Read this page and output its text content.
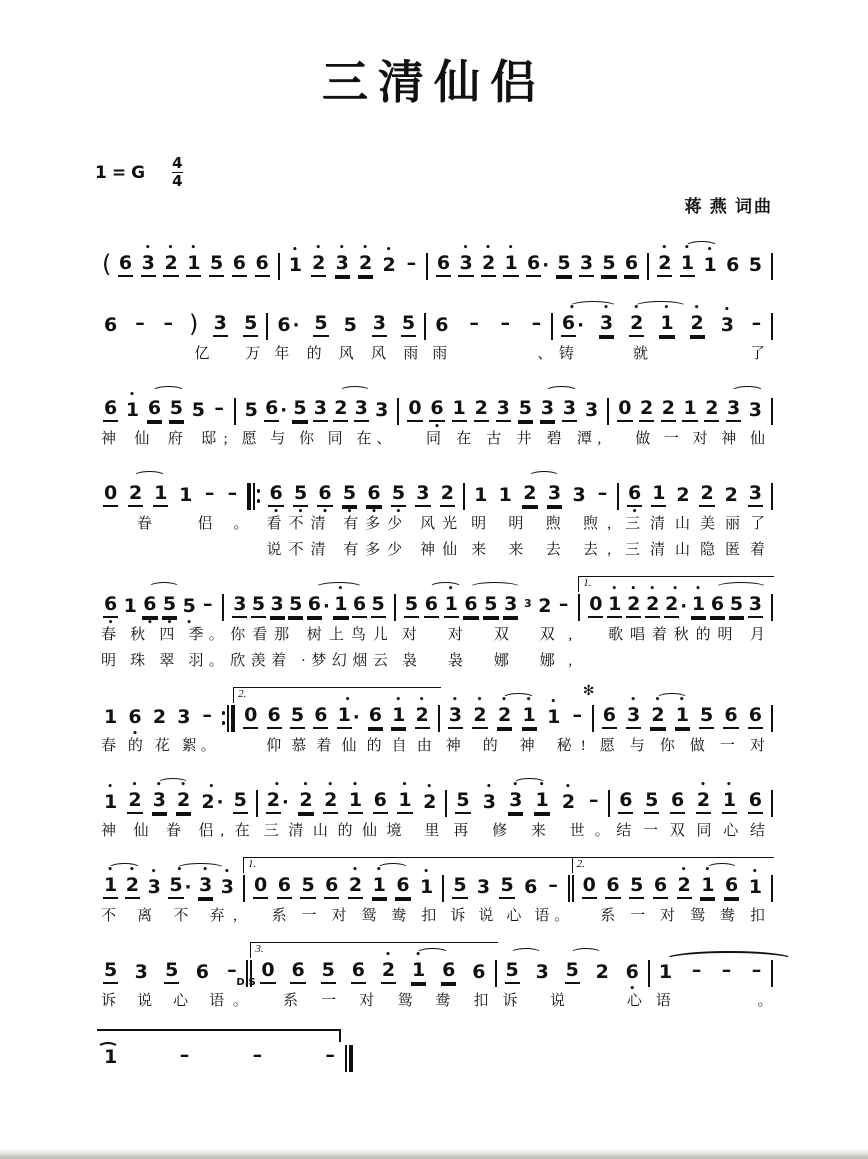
三清仙侣
1 = G $\frac{4}{4}$
蒋 燕 词曲
( 6
•
3
•
2
•
1 5 6 6
•
1
•
2
•
3
•
2
•
2 – 6
•
3
•
2
•
1 6 · 5 3 5 6
•
2
•
1
•
1 6 5
6 – – ) 3 5
　　　亿 万
6 · 5 5 3 5
年 的 风 风 雨
6 – – –
雨、　　　
•
6 ·
•
3
•
2
•
1
•
2
•
3 –
铸 就　 了　
6
•
1 6 5 5 –
神 仙 府 邸;　
5 6 · 5 3 2 3 3
愿 与 你 同 在、
0 6
•
1 2 3 5 3 3 3
　同 在 古 井 碧 潭,
0 2 2 1 2 3 3
　做 一 对 神 仙
0 2 1 1 – –
　眷 侣。　
6
•
5
•
6
•
5
•
6
•
5
•
3 2
看不清 有多少 风光
说不清 有多少 神仙
1 1 2 3 3 –
明 明 煦 煦,　
来 来 去 去,　
6
•
1 2 2 2 3
三 清 山 美 丽 了
三 清 山 隐 匿 着
6
•
1 6
•
5
•
5
•
–
春 秋 四 季。　
明 珠 翠 羽。　
3 5 3 5 6 ·
•
1 6 5
你看那 树上鸟儿
欣羡着 ·梦幻烟云
5 6
•
1 6 5 3 3 2 –
对 对 双 双,　
袅 袅 娜 娜,　
1.
0
•
1
•
2
•
2
•
2 ·
•
1 6 5 3
　歌唱着秋的明 月
1 6
•
2 3 –
春 的 花 絮。
2.
0 6 5 6
•
1 · 6
•
1
•
2
　仰慕着仙的自由
•
3
•
2
•
2
•
1
•
1 –
神 的 神 秘!　
✻
6
•
3
•
2
•
1 5 6 6
愿 与 你 做 一 对
•
1
•
2
•
3
•
2
•
2 · 5
神 仙 眷 侣, 在
•
2 ·
•
2
•
2
•
1 6
•
1
•
2
三清山的仙境 里
5
•
3
•
3
•
1
•
2 –
再 修 来 世。　
6 5 6
•
2
•
1 6
结 一 双 同 心 结
•
1
•
2
•
3
•
5 ·
•
3
•
3
不 离 不 弃,　
1.
0 6 5 6
•
2
•
1 6
•
1
　系 一 对 鸳 鸯 扣
5 3 5 6 –
诉 说 心 语。　
2.
0 6 5 6
•
2
•
1 6
•
1
　系 一 对 鸳 鸯 扣
5 3 5 6 –
诉 说 心 语。　
3.
D.S
0 6 5 6
•
2
•
1 6 6
　系 一 对 鸳 鸯 扣
5 3 5 2 6
•
诉 说　 心　
1 – – –
语。　　　
1	–	–	–
